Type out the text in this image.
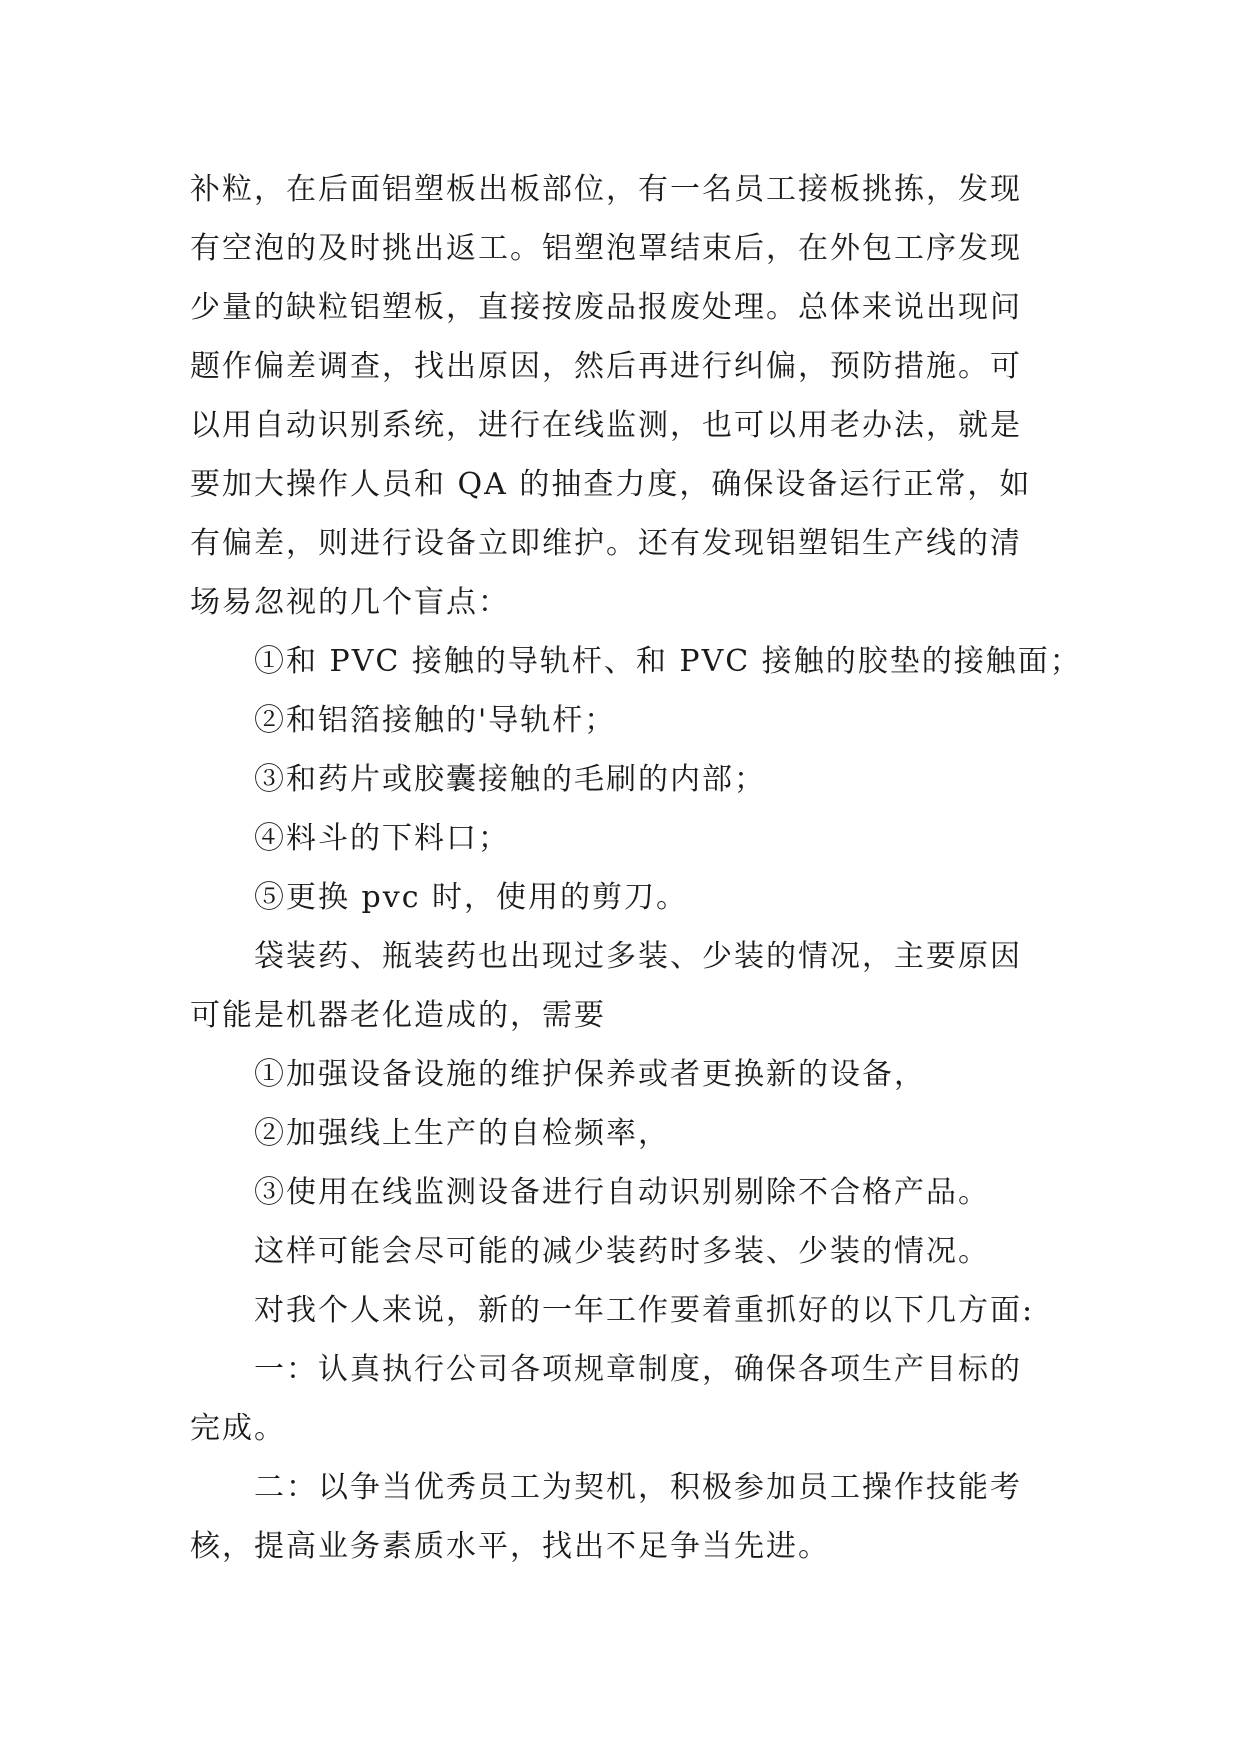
补粒，在后面铝塑板出板部位，有一名员工接板挑拣，发现
有空泡的及时挑出返工。铝塑泡罩结束后，在外包工序发现
少量的缺粒铝塑板，直接按废品报废处理。总体来说出现问
题作偏差调查，找出原因，然后再进行纠偏，预防措施。可
以用自动识别系统，进行在线监测，也可以用老办法，就是
要加大操作人员和 QA 的抽查力度，确保设备运行正常，如
有偏差，则进行设备立即维护。还有发现铝塑铝生产线的清
场易忽视的几个盲点：
①和 PVC 接触的导轨杆、和 PVC 接触的胶垫的接触面；
②和铝箔接触的'导轨杆；
③和药片或胶囊接触的毛刷的内部；
④料斗的下料口；
⑤更换 pvc 时，使用的剪刀。
袋装药、瓶装药也出现过多装、少装的情况，主要原因
可能是机器老化造成的，需要
①加强设备设施的维护保养或者更换新的设备，
②加强线上生产的自检频率，
③使用在线监测设备进行自动识别剔除不合格产品。
这样可能会尽可能的减少装药时多装、少装的情况。
对我个人来说，新的一年工作要着重抓好的以下几方面:
一：认真执行公司各项规章制度，确保各项生产目标的
完成。
二：以争当优秀员工为契机，积极参加员工操作技能考
核，提高业务素质水平，找出不足争当先进。
